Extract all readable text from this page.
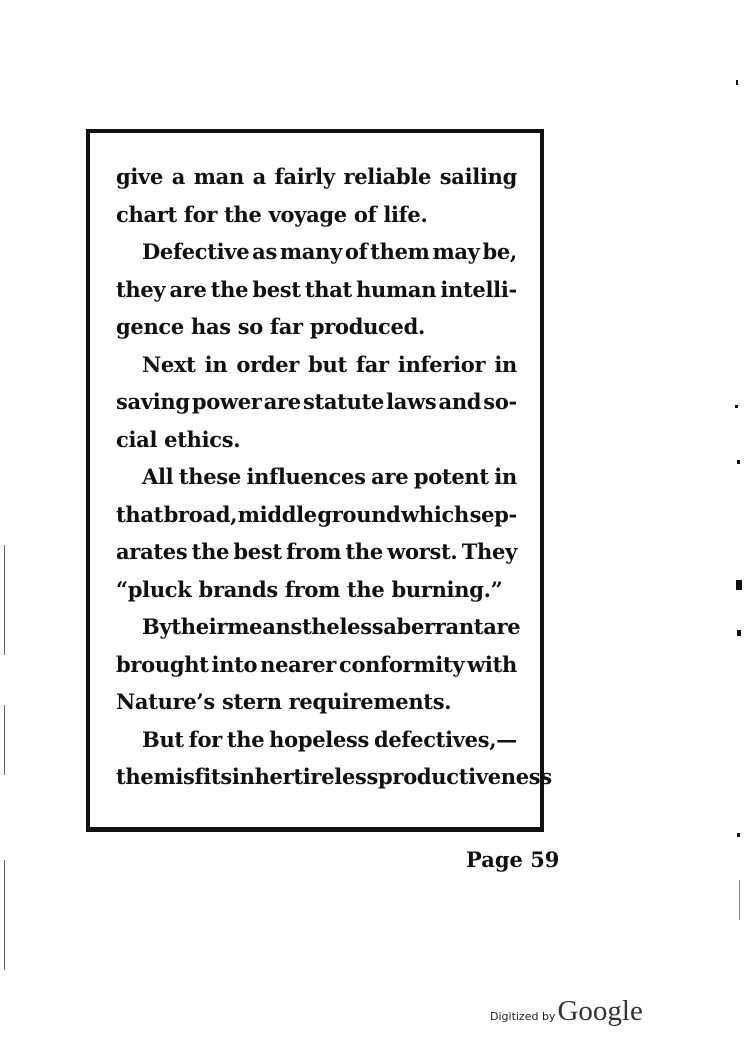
give a man a fairly reliable sailing
chart for the voyage of life.
Defective as many of them may be,
they are the best that human intelli-
gence has so far produced.
Next in order but far inferior in
saving power are statute laws and so-
cial ethics.
All these influences are potent in
that broad, middle ground which sep-
arates the best from the worst. They
“pluck brands from the burning.”
By their means the less aberrant are
brought into nearer conformity with
Nature’s stern requirements.
But for the hopeless defectives,—
the misfits in her tireless productiveness
Page 59
Digitized by Google
